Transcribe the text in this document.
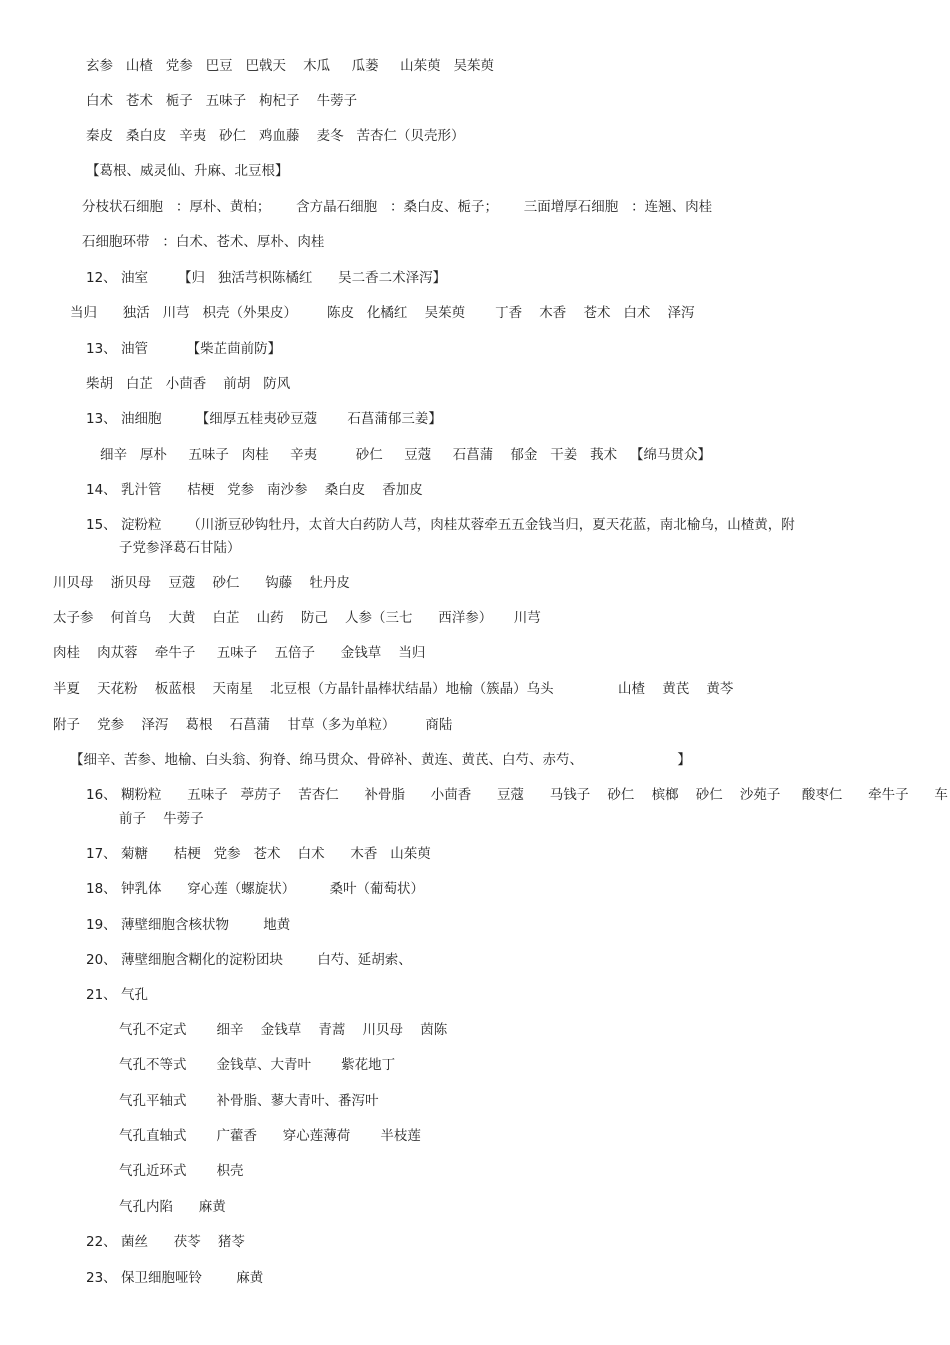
玄参   山楂   党参   巴豆   巴戟天    木瓜     瓜蒌     山茱萸   吴茱萸
白术   苍术   栀子   五味子   枸杞子    牛蒡子
秦皮   桑白皮   辛夷   砂仁   鸡血藤    麦冬   苦杏仁（贝壳形）
【葛根、威灵仙、升麻、北豆根】
分枝状石细胞   ：厚朴、黄柏；      含方晶石细胞   ：桑白皮、栀子；      三面增厚石细胞   ：连翘、肉桂
石细胞环带   ：白术、苍术、厚朴、肉桂
12、 油室       【归   独活芎枳陈橘红      吴二香二术泽泻】
当归      独活   川芎   枳壳（外果皮）       陈皮   化橘红    吴茱萸       丁香    木香    苍术   白术    泽泻
13、 油管         【柴芷茴前防】
柴胡   白芷   小茴香    前胡   防风
13、 油细胞        【细厚五桂夷砂豆蔻       石菖蒲郁三姜】
细辛   厚朴     五味子   肉桂     辛夷         砂仁     豆蔻     石菖蒲    郁金   干姜   莪术   【绵马贯众】
14、 乳汁管      桔梗   党参   南沙参    桑白皮    香加皮
15、 淀粉粒      （川浙豆砂钩牡丹，太首大白药防人芎，肉桂苁蓉牵五五金钱当归，夏天花蓝，南北榆乌，山楂黄，附
子党参泽葛石甘陆）
川贝母    浙贝母    豆蔻    砂仁      钩藤    牡丹皮
太子参    何首乌    大黄    白芷    山药    防己    人参（三七      西洋参）     川芎
肉桂    肉苁蓉    牵牛子     五味子    五倍子      金钱草    当归
半夏    天花粉    板蓝根    天南星    北豆根（方晶针晶棒状结晶）地榆（簇晶）乌头               山楂    黄芪    黄芩
附子    党参    泽泻    葛根    石菖蒲    甘草（多为单粒）       商陆
【细辛、苦参、地榆、白头翁、狗脊、绵马贯众、骨碎补、黄连、黄芪、白芍、赤芍、                      】
16、 糊粉粒      五味子   葶苈子    苦杏仁      补骨脂      小茴香      豆蔻      马钱子    砂仁    槟榔    砂仁    沙苑子     酸枣仁      牵牛子      车
前子    牛蒡子
17、 菊糖      桔梗   党参   苍术    白术      木香   山茱萸
18、 钟乳体      穿心莲（螺旋状）        桑叶（葡萄状）
19、 薄壁细胞含核状物        地黄
20、 薄壁细胞含糊化的淀粉团块        白芍、延胡索、
21、 气孔
气孔不定式       细辛    金钱草    青蒿    川贝母    茵陈
气孔不等式       金钱草、大青叶       紫花地丁
气孔平轴式       补骨脂、蓼大青叶、番泻叶
气孔直轴式       广藿香      穿心莲薄荷       半枝莲
气孔近环式       枳壳
气孔内陷      麻黄
22、 菌丝      茯苓    猪苓
23、 保卫细胞哑铃        麻黄
